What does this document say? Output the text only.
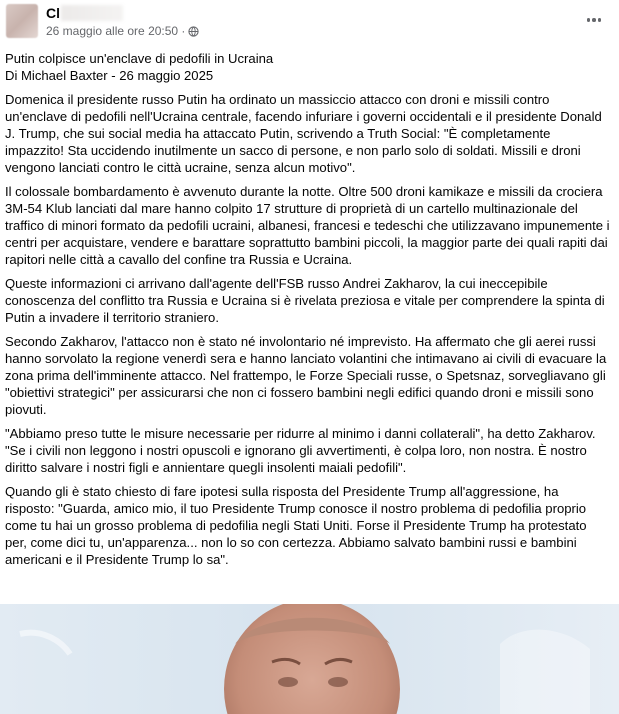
Cl
26 maggio alle ore 20:50 ·

Putin colpisce un'enclave di pedofili in Ucraina
Di Michael Baxter - 26 maggio 2025

Domenica il presidente russo Putin ha ordinato un massiccio attacco con droni e missili contro un'enclave di pedofili nell'Ucraina centrale, facendo infuriare i governi occidentali e il presidente Donald J. Trump, che sui social media ha attaccato Putin, scrivendo a Truth Social: "È completamente impazzito! Sta uccidendo inutilmente un sacco di persone, e non parlo solo di soldati. Missili e droni vengono lanciati contro le città ucraine, senza alcun motivo".

Il colossale bombardamento è avvenuto durante la notte. Oltre 500 droni kamikaze e missili da crociera 3M-54 Klub lanciati dal mare hanno colpito 17 strutture di proprietà di un cartello multinazionale del traffico di minori formato da pedofili ucraini, albanesi, francesi e tedeschi che utilizzavano impunemente i centri per acquistare, vendere e barattare soprattutto bambini piccoli, la maggior parte dei quali rapiti dai rapitori nelle città a cavallo del confine tra Russia e Ucraina.

Queste informazioni ci arrivano dall'agente dell'FSB russo Andrei Zakharov, la cui ineccepibile conoscenza del conflitto tra Russia e Ucraina si è rivelata preziosa e vitale per comprendere la spinta di Putin a invadere il territorio straniero.

Secondo Zakharov, l'attacco non è stato né involontario né imprevisto. Ha affermato che gli aerei russi hanno sorvolato la regione venerdì sera e hanno lanciato volantini che intimavano ai civili di evacuare la zona prima dell'imminente attacco. Nel frattempo, le Forze Speciali russe, o Spetsnaz, sorvegliavano gli "obiettivi strategici" per assicurarsi che non ci fossero bambini negli edifici quando droni e missili sono piovuti.

"Abbiamo preso tutte le misure necessarie per ridurre al minimo i danni collaterali", ha detto Zakharov. "Se i civili non leggono i nostri opuscoli e ignorano gli avvertimenti, è colpa loro, non nostra. È nostro diritto salvare i nostri figli e annientare quegli insolenti maiali pedofili".

Quando gli è stato chiesto di fare ipotesi sulla risposta del Presidente Trump all'aggressione, ha risposto: "Guarda, amico mio, il tuo Presidente Trump conosce il nostro problema di pedofilia proprio come tu hai un grosso problema di pedofilia negli Stati Uniti. Forse il Presidente Trump ha protestato per, come dici tu, un'apparenza... non lo so con certezza. Abbiamo salvato bambini russi e bambini americani e il Presidente Trump lo sa".
